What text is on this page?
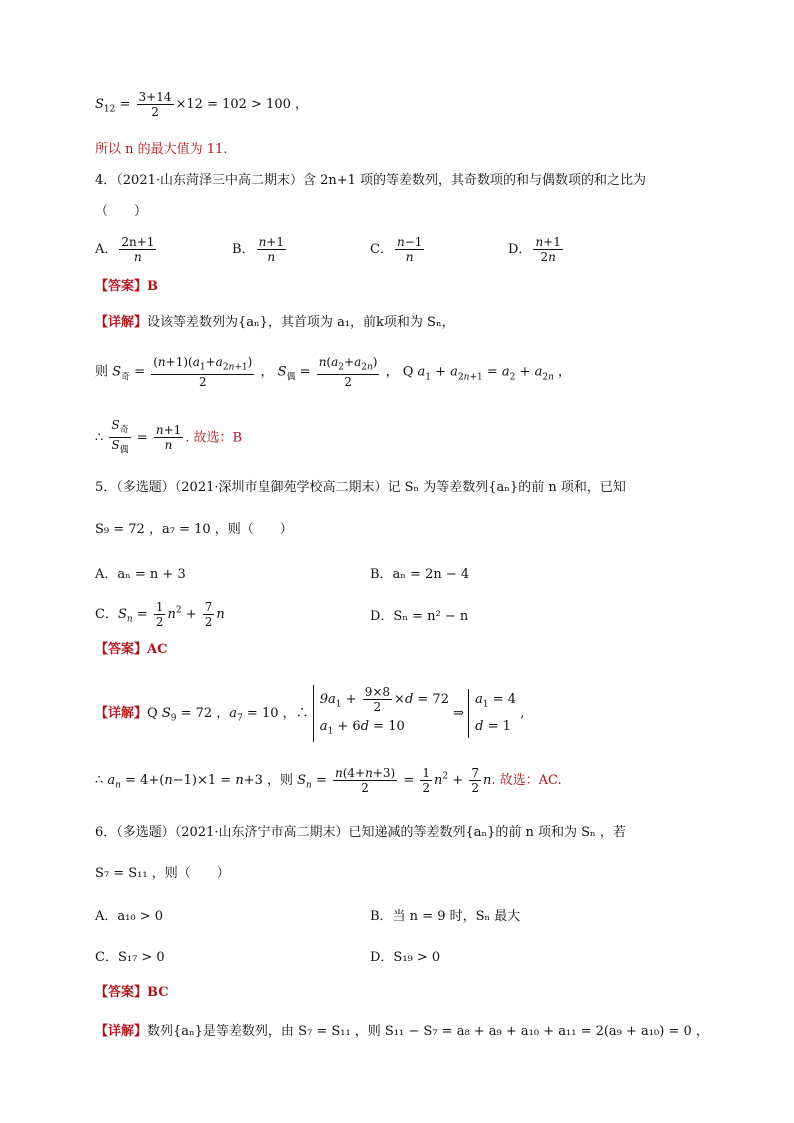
$S_{12} = \frac{3+14}{2} \times 12 = 102 > 100$ ，
所以 n 的最大值为 11.
4．（2021·山东菏泽三中高二期末）含 2n+1 项的等差数列，其奇数项的和与偶数项的和之比为
（　　）
A． $\frac{2n+1}{n}$	B． $\frac{n+1}{n}$	C． $\frac{n-1}{n}$	D． $\frac{n+1}{2n}$
【答案】B
【详解】设该等差数列为{aₙ}，其首项为 a₁，前k项和为 Sₙ，
则 $S_奇 = \frac{(n+1)(a_1+a_{2n+1})}{2}$ ， $S_偶 = \frac{n(a_2+a_{2n})}{2}$ ， Q $a_1 + a_{2n+1} = a_2 + a_{2n}$ ，
∴ $\frac{S_奇}{S_偶} = \frac{n+1}{n}$ . 故选：B
5．（多选题）（2021·深圳市皇御苑学校高二期末）记 Sₙ 为等差数列{aₙ}的前 n 项和，已知
S₉ = 72 ，a₇ = 10 ，则（　　）
A．aₙ = n + 3	B．aₙ = 2n − 4
C．$S_n = \frac{1}{2} n^2 + \frac{7}{2}$ n	D．Sₙ = n² − n
【答案】AC
【详解】Q $S_9 = 72$ ，$a_7 = 10$ ，∴ $9a_1 + \frac{9\times 8}{2} \times d = 72$
$a_1 + 6d = 10$ ⇒ $a_1 = 4$
d = 1 ,
∴ $a_n = 4+(n-1)\times 1 = n+3$ ，则 $S_n = \frac{n(4+n+3)}{2} = \frac{1}{2} n^2 + \frac{7}{2} n$. 故选：AC.
6．（多选题）（2021·山东济宁市高二期末）已知递减的等差数列{aₙ}的前 n 项和为 Sₙ ，若
S₇ = S₁₁ ，则（　　）
A．a₁₀ > 0	B．当 n = 9 时，Sₙ 最大
C．S₁₇ > 0	D．S₁₉ > 0
【答案】BC
【详解】数列{aₙ}是等差数列，由 S₇ = S₁₁ ，则 S₁₁ − S₇ = a₈ + a₉ + a₁₀ + a₁₁ = 2(a₉ + a₁₀) = 0 ，
